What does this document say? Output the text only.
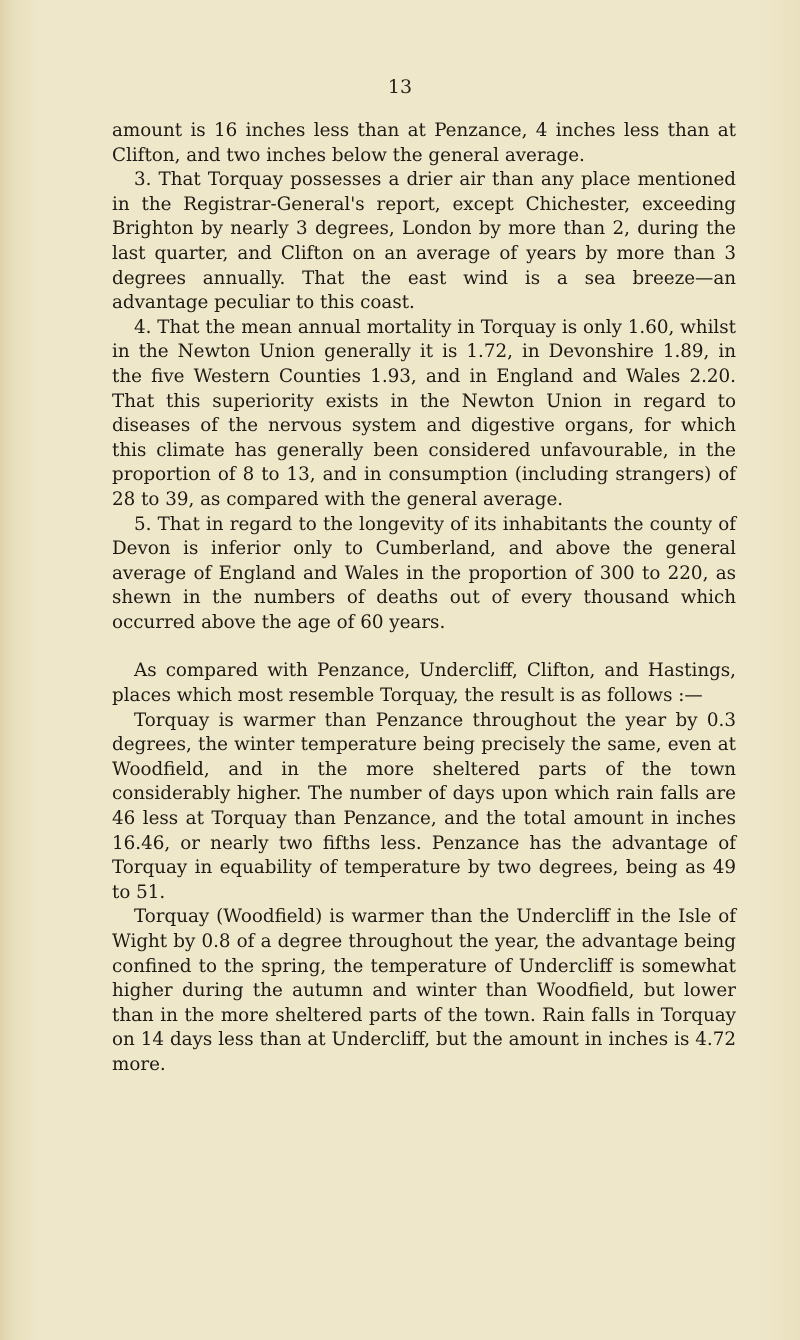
13

amount is 16 inches less than at Penzance, 4 inches less than at Clifton, and two inches below the general average.

3. That Torquay possesses a drier air than any place mentioned in the Registrar-General's report, except Chichester, exceeding Brighton by nearly 3 degrees, London by more than 2, during the last quarter, and Clifton on an average of years by more than 3 degrees annually. That the east wind is a sea breeze—an advantage peculiar to this coast.

4. That the mean annual mortality in Torquay is only 1.60, whilst in the Newton Union generally it is 1.72, in Devonshire 1.89, in the five Western Counties 1.93, and in England and Wales 2.20. That this superiority exists in the Newton Union in regard to diseases of the nervous system and digestive organs, for which this climate has generally been considered unfavourable, in the proportion of 8 to 13, and in consumption (including strangers) of 28 to 39, as compared with the general average.

5. That in regard to the longevity of its inhabitants the county of Devon is inferior only to Cumberland, and above the general average of England and Wales in the proportion of 300 to 220, as shewn in the numbers of deaths out of every thousand which occurred above the age of 60 years.

As compared with Penzance, Undercliff, Clifton, and Hastings, places which most resemble Torquay, the result is as follows :—

Torquay is warmer than Penzance throughout the year by 0.3 degrees, the winter temperature being precisely the same, even at Woodfield, and in the more sheltered parts of the town considerably higher. The number of days upon which rain falls are 46 less at Torquay than Penzance, and the total amount in inches 16.46, or nearly two fifths less. Penzance has the advantage of Torquay in equability of temperature by two degrees, being as 49 to 51.

Torquay (Woodfield) is warmer than the Undercliff in the Isle of Wight by 0.8 of a degree throughout the year, the advantage being confined to the spring, the temperature of Undercliff is somewhat higher during the autumn and winter than Woodfield, but lower than in the more sheltered parts of the town. Rain falls in Torquay on 14 days less than at Undercliff, but the amount in inches is 4.72 more.
